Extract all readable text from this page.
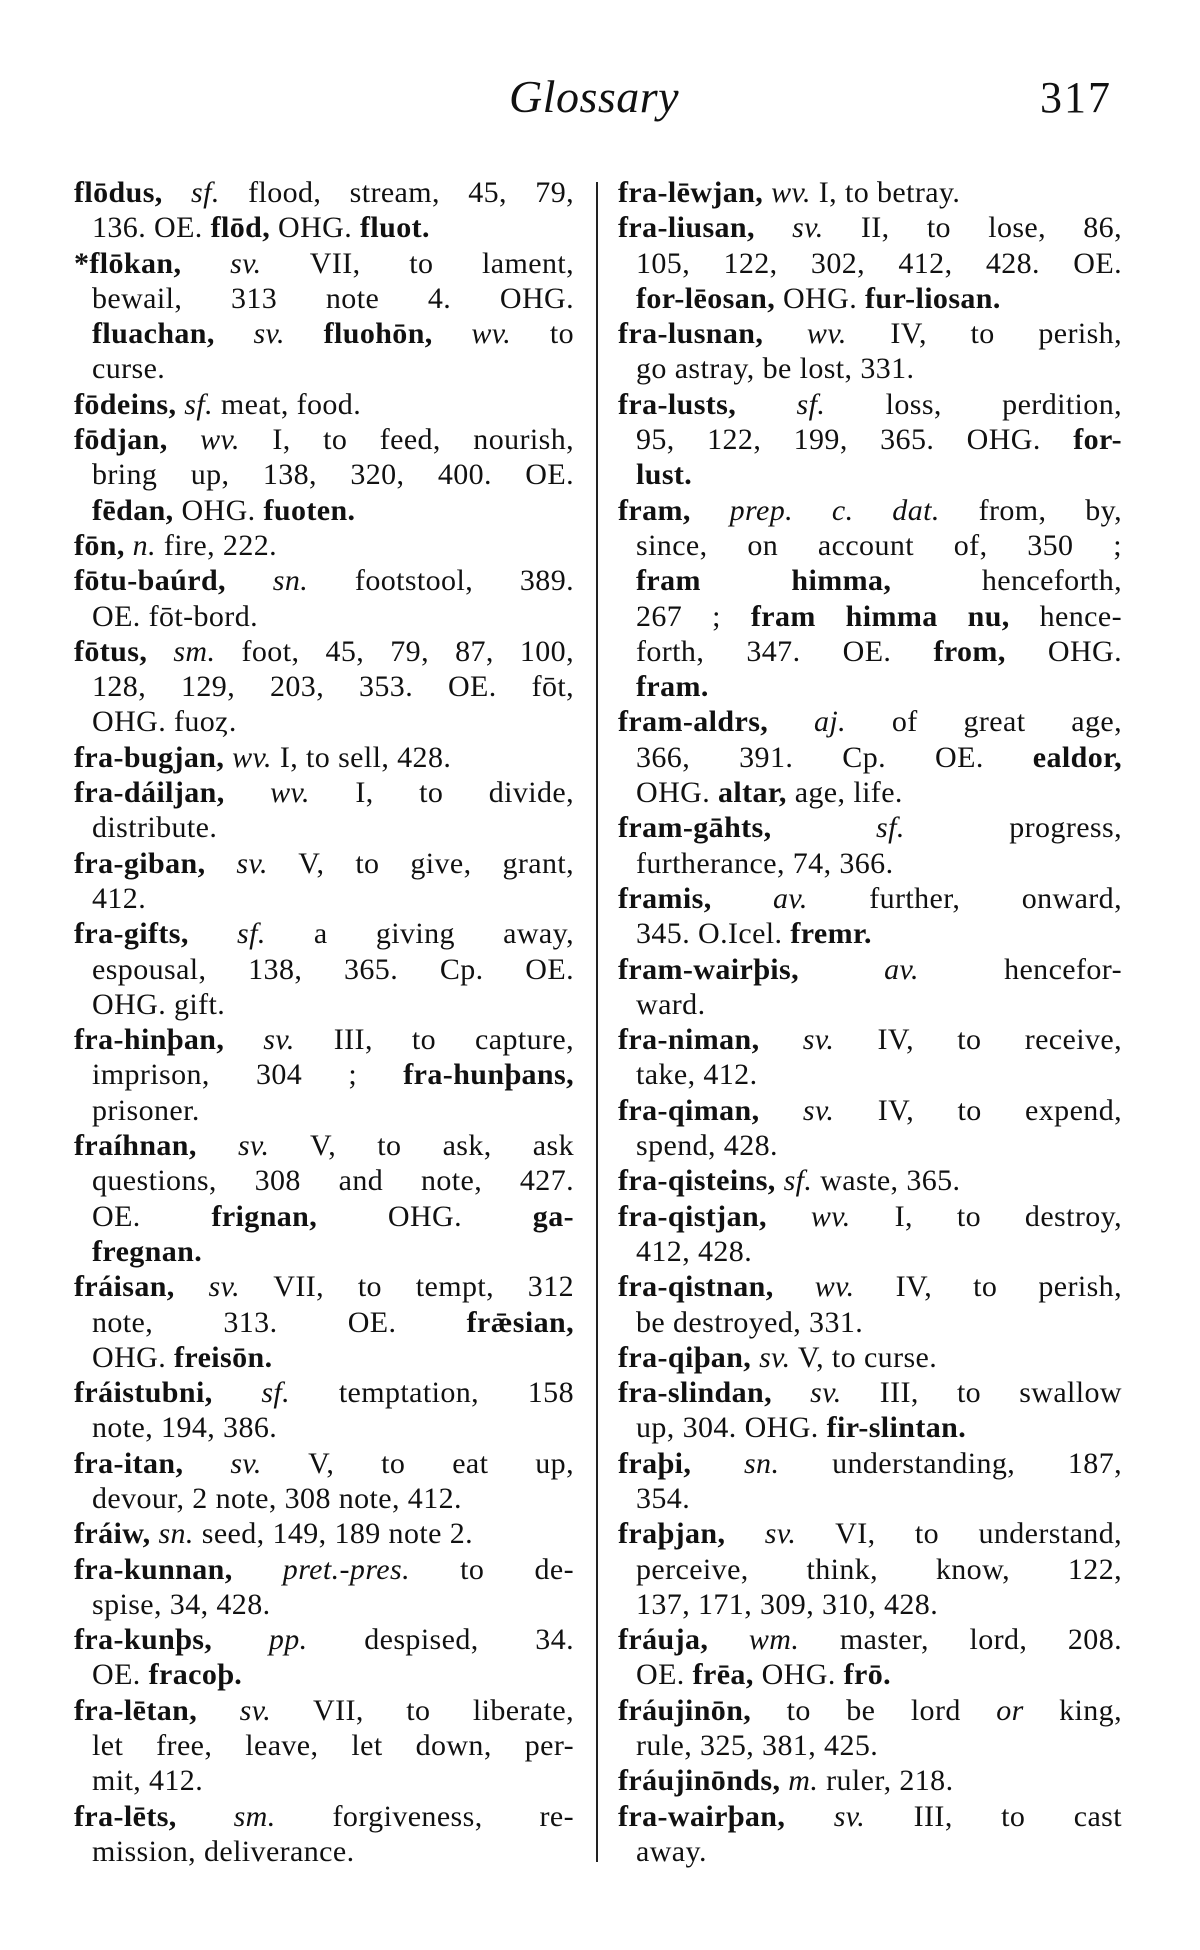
Glossary	317
flōdus, sf. flood, stream, 45, 79,
136. OE. flōd, OHG. fluot.
*flōkan, sv. VII, to lament,
bewail, 313 note 4. OHG.
fluachan, sv. fluohōn, wv. to
curse.
fōdeins, sf. meat, food.
fōdjan, wv. I, to feed, nourish,
bring up, 138, 320, 400. OE.
fēdan, OHG. fuoten.
fōn, n. fire, 222.
fōtu-baúrd, sn. footstool, 389.
OE. fōt-bord.
fōtus, sm. foot, 45, 79, 87, 100,
128, 129, 203, 353. OE. fōt,
OHG. fuoȥ.
fra-bugjan, wv. I, to sell, 428.
fra-dáiljan, wv. I, to divide,
distribute.
fra-giban, sv. V, to give, grant,
412.
fra-gifts, sf. a giving away,
espousal, 138, 365. Cp. OE.
OHG. gift.
fra-hinþan, sv. III, to capture,
imprison, 304 ; fra-hunþans,
prisoner.
fraíhnan, sv. V, to ask, ask
questions, 308 and note, 427.
OE. frignan, OHG. ga-
fregnan.
fráisan, sv. VII, to tempt, 312
note, 313. OE. frǣsian,
OHG. freisōn.
fráistubni, sf. temptation, 158
note, 194, 386.
fra-itan, sv. V, to eat up,
devour, 2 note, 308 note, 412.
fráiw, sn. seed, 149, 189 note 2.
fra-kunnan, pret.-pres. to de-
spise, 34, 428.
fra-kunþs, pp. despised, 34.
OE. fracoþ.
fra-lētan, sv. VII, to liberate,
let free, leave, let down, per-
mit, 412.
fra-lēts, sm. forgiveness, re-
mission, deliverance.
fra-lēwjan, wv. I, to betray.
fra-liusan, sv. II, to lose, 86,
105, 122, 302, 412, 428. OE.
for-lēosan, OHG. fur-liosan.
fra-lusnan, wv. IV, to perish,
go astray, be lost, 331.
fra-lusts, sf. loss, perdition,
95, 122, 199, 365. OHG. for-
lust.
fram, prep. c. dat. from, by,
since, on account of, 350 ;
fram himma, henceforth,
267 ; fram himma nu, hence-
forth, 347. OE. from, OHG.
fram.
fram-aldrs, aj. of great age,
366, 391. Cp. OE. ealdor,
OHG. altar, age, life.
fram-gāhts, sf. progress,
furtherance, 74, 366.
framis, av. further, onward,
345. O.Icel. fremr.
fram-wairþis, av. hencefor-
ward.
fra-niman, sv. IV, to receive,
take, 412.
fra-qiman, sv. IV, to expend,
spend, 428.
fra-qisteins, sf. waste, 365.
fra-qistjan, wv. I, to destroy,
412, 428.
fra-qistnan, wv. IV, to perish,
be destroyed, 331.
fra-qiþan, sv. V, to curse.
fra-slindan, sv. III, to swallow
up, 304. OHG. fir-slintan.
fraþi, sn. understanding, 187,
354.
fraþjan, sv. VI, to understand,
perceive, think, know, 122,
137, 171, 309, 310, 428.
fráuja, wm. master, lord, 208.
OE. frēa, OHG. frō.
fráujinōn, to be lord or king,
rule, 325, 381, 425.
fráujinōnds, m. ruler, 218.
fra-wairþan, sv. III, to cast
away.
